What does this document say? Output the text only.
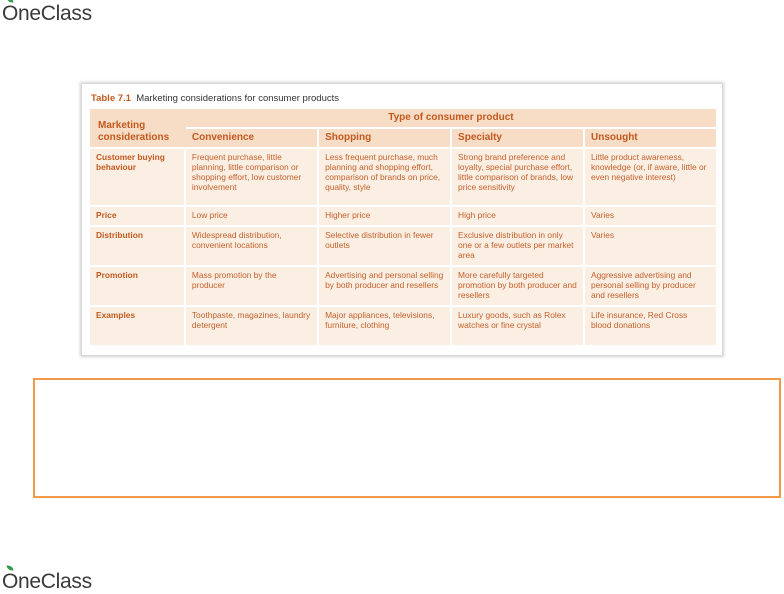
OneClass
Table 7.1 Marketing considerations for consumer products
Marketing considerations	Type of consumer product			
	Convenience	Shopping	Specialty	Unsought
Customer buying behaviour	Frequent purchase, little planning, little comparison or shopping effort, low customer involvement	Less frequent purchase, much planning and shopping effort, comparison of brands on price, quality, style	Strong brand preference and loyalty, special purchase effort, little comparison of brands, low price sensitivity	Little product awareness, knowledge (or, if aware, little or even negative interest)
Price	Low price	Higher price	High price	Varies
Distribution	Widespread distribution, convenient locations	Selective distribution in fewer outlets	Exclusive distribution in only one or a few outlets per market area	Varies
Promotion	Mass promotion by the producer	Advertising and personal selling by both producer and resellers	More carefully targeted promotion by both producer and resellers	Aggressive advertising and personal selling by producer and resellers
Examples	Toothpaste, magazines, laundry detergent	Major appliances, televisions, furniture, clothing	Luxury goods, such as Rolex watches or fine crystal	Life insurance, Red Cross blood donations
OneClass
